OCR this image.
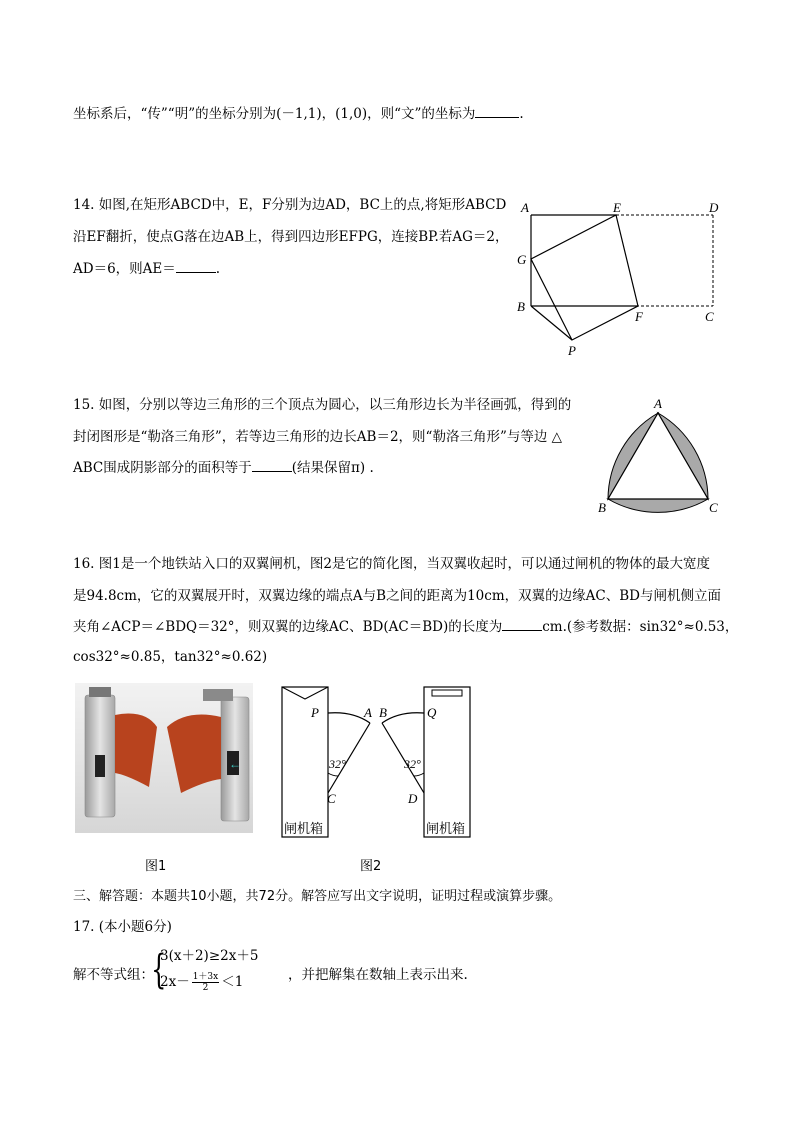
坐标系后，“传”“明”的坐标分别为(－1,1)，(1,0)，则“文”的坐标为	.
14. 如图,在矩形ABCD中，E，F分别为边AD，BC上的点,将矩形ABCD
沿EF翻折，使点G落在边AB上，得到四边形EFPG，连接BP.若AG＝2，
AD＝6，则AE＝	.
A	E	D
G
B
F	C
P
15. 如图，分别以等边三角形的三个顶点为圆心，以三角形边长为半径画弧，得到的
封闭图形是“勒洛三角形”，若等边三角形的边长AB＝2，则“勒洛三角形”与等边 △
ABC围成阴影部分的面积等于	(结果保留π) .
A
B	C
16. 图1是一个地铁站入口的双翼闸机，图2是它的简化图，当双翼收起时，可以通过闸机的物体的最大宽度
是94.8cm，它的双翼展开时，双翼边缘的端点A与B之间的距离为10cm，双翼的边缘AC、BD与闸机侧立面
夹角∠ACP＝∠BDQ＝32°，则双翼的边缘AC、BD(AC＝BD)的长度为	cm.(参考数据：sin32°≈0.53，
cos32°≈0.85，tan32°≈0.62)
←
图1
P	A B	Q
32°	32°
C	D
闸机箱	闸机箱
图2
三、解答题：本题共10小题，共72分。解答应写出文字说明，证明过程或演算步骤。
17. (本小题6分)
解不等式组：
{
3(x＋2)≥2x＋5
$2x- \frac{1+3x}{2} <1$	，并把解集在数轴上表示出来.
